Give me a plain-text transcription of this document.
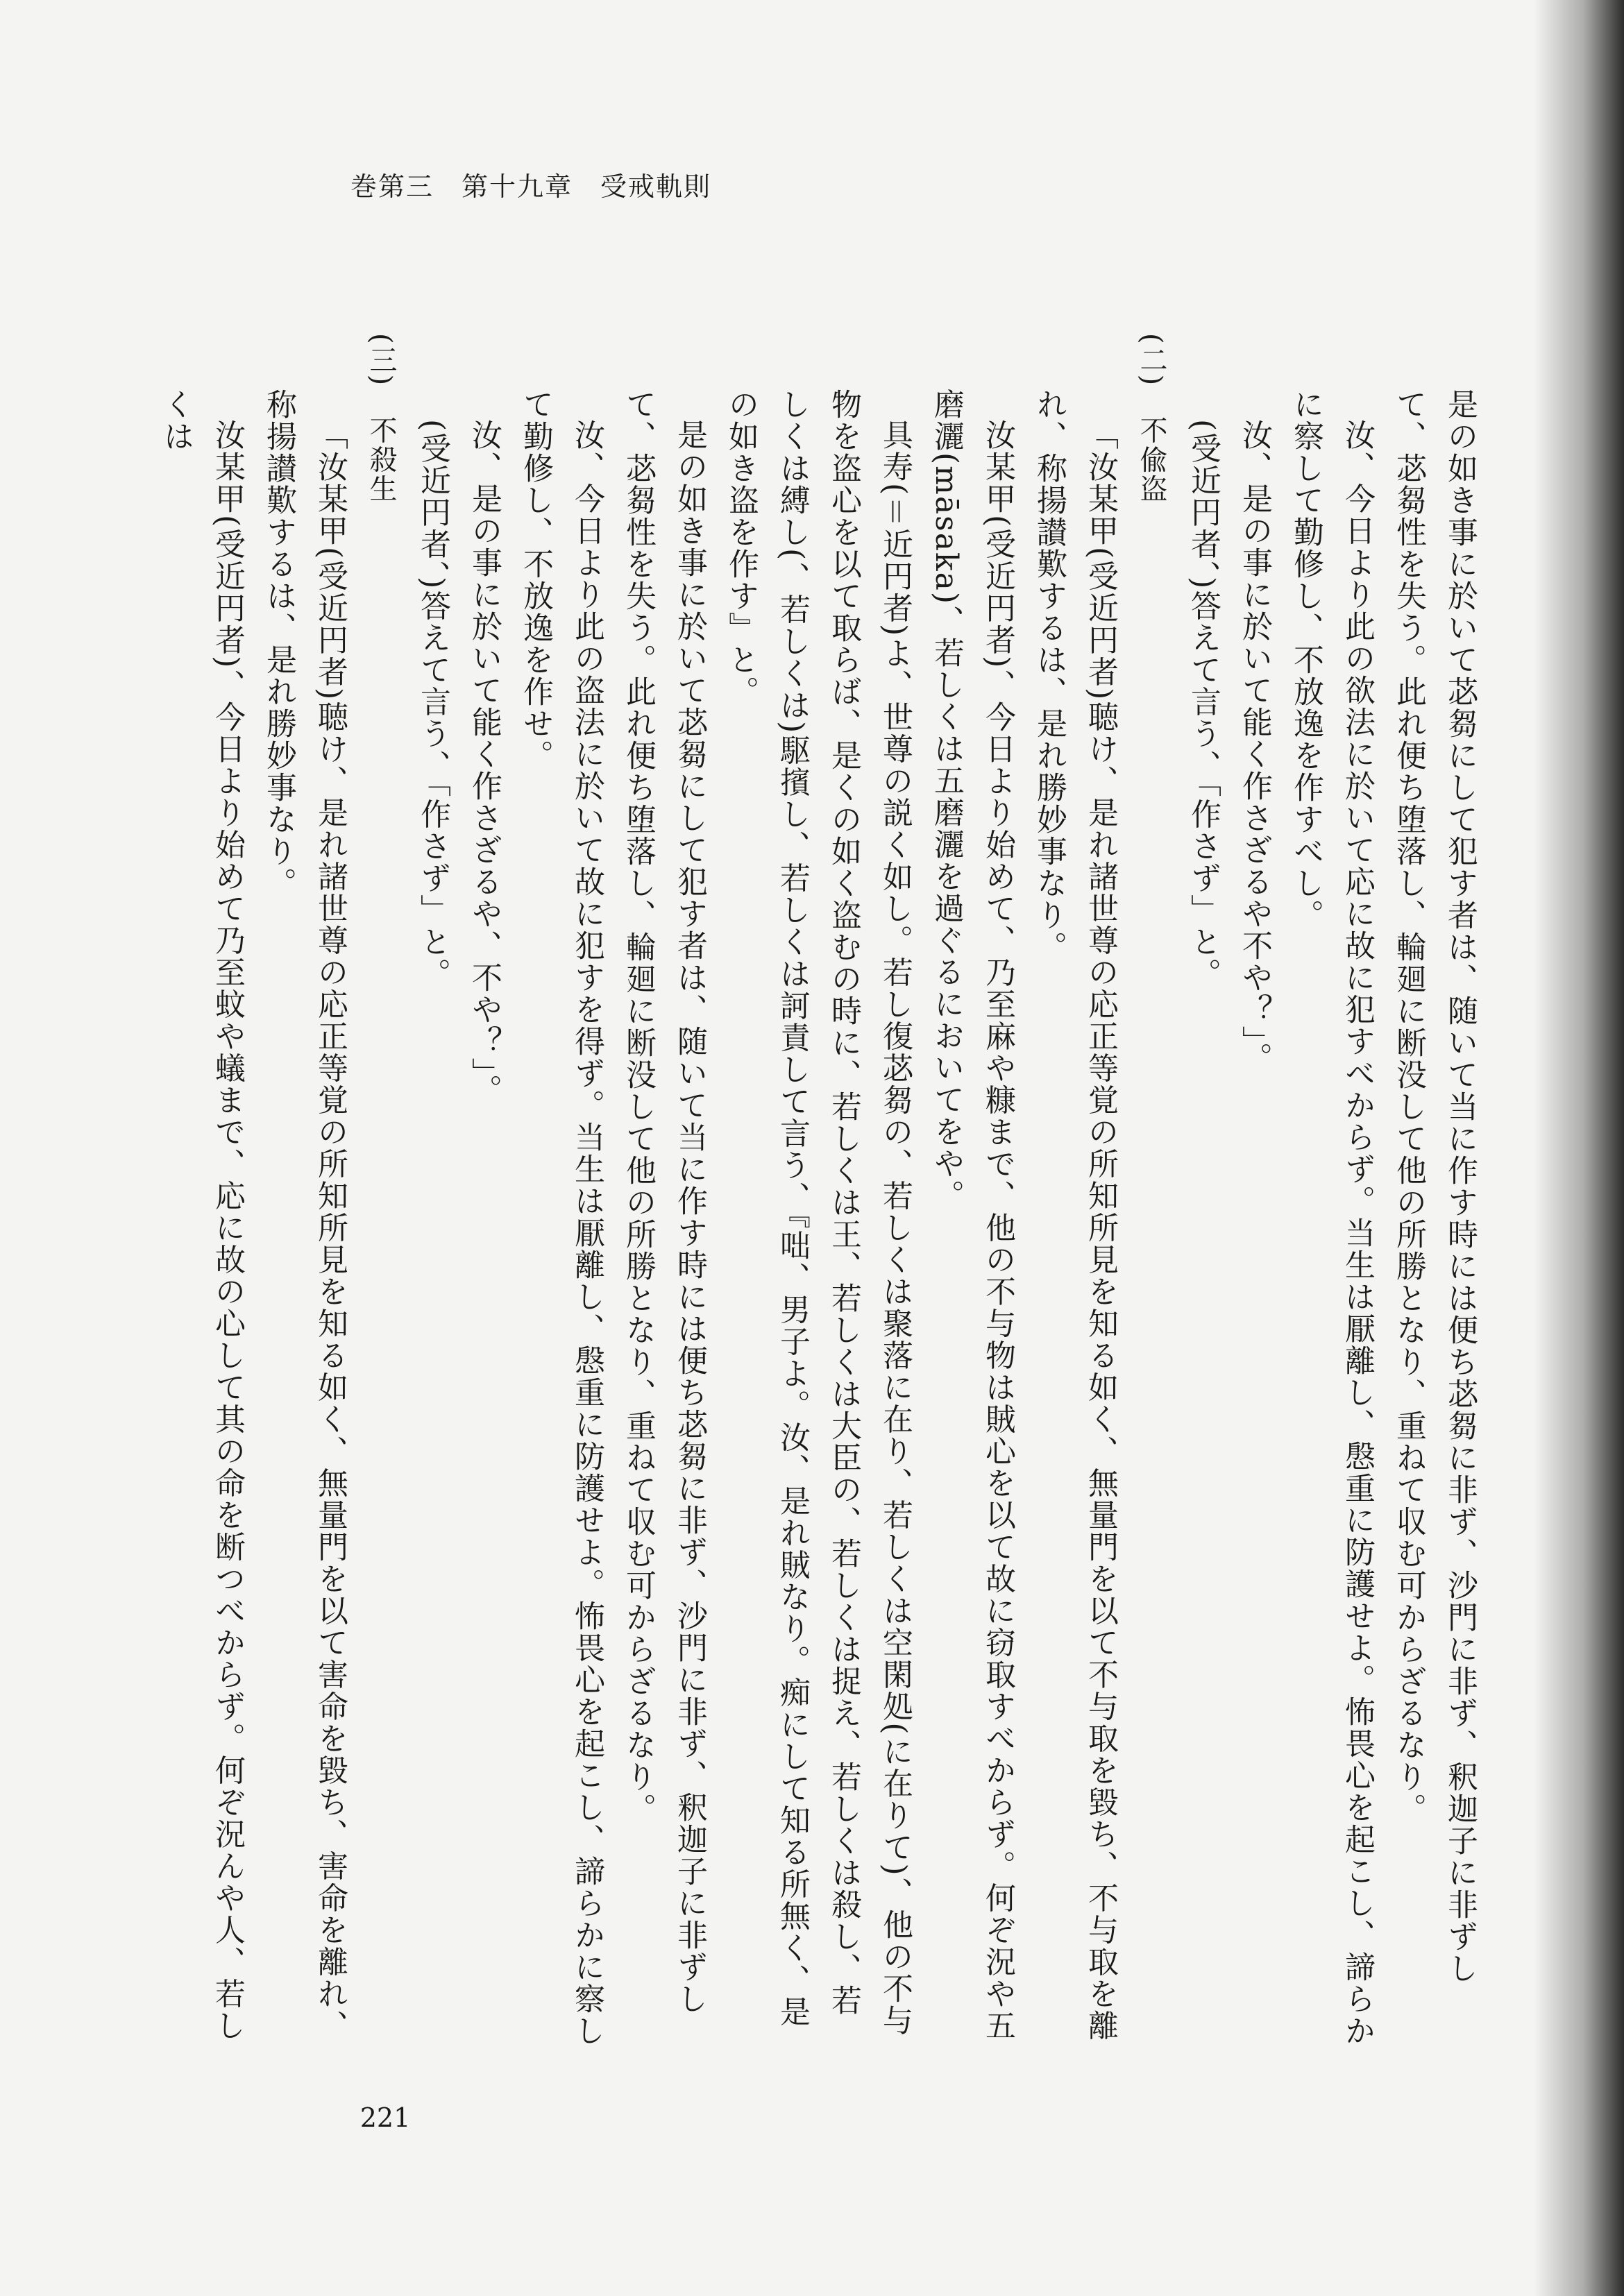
巻第三　第十九章　受戒軌則

是の如き事に於いて苾芻にして犯す者は、随いて当に作す時には便ち苾芻に非ず、沙門に非ず、釈迦子に非ずして、苾芻性を失う。此れ便ち堕落し、輪廻に断没して他の所勝となり、重ねて収む可からざるなり。

汝、今日より此の欲法に於いて応に故に犯すべからず。当生は厭離し、慇重に防護せよ。怖畏心を起こし、諦らかに察して勤修し、不放逸を作すべし。

汝、是の事に於いて能く作さざるや不や？」。

(受近円者、)答えて言う、「作さず」と。

(二)　不偸盗

「汝某甲(受近円者)聴け、是れ諸世尊の応正等覚の所知所見を知る如く、無量門を以て不与取を毀ち、不与取を離れ、称揚讃歎するは、是れ勝妙事なり。

汝某甲(受近円者)、今日より始めて、乃至麻や糠まで、他の不与物は賊心を以て故に窃取すべからず。何ぞ況や五磨灑(māsaka)、若しくは五磨灑を過ぐるにおいてをや。

具寿(＝近円者)よ、世尊の説く如し。若し復苾芻の、若しくは聚落に在り、若しくは空閑処(に在りて)、他の不与物を盗心を以て取らば、是くの如く盗むの時に、若しくは王、若しくは大臣の、若しくは捉え、若しくは殺し、若しくは縛し(、若しくは)駆擯し、若しくは訶責して言う、『咄、男子よ。汝、是れ賊なり。痴にして知る所無く、是の如き盗を作す』と。

是の如き事に於いて苾芻にして犯す者は、随いて当に作す時には便ち苾芻に非ず、沙門に非ず、釈迦子に非ずして、苾芻性を失う。此れ便ち堕落し、輪廻に断没して他の所勝となり、重ねて収む可からざるなり。

汝、今日より此の盗法に於いて故に犯すを得ず。当生は厭離し、慇重に防護せよ。怖畏心を起こし、諦らかに察して勤修し、不放逸を作せ。

汝、是の事に於いて能く作さざるや、不や？」。

(受近円者、)答えて言う、「作さず」と。

(三)　不殺生

「汝某甲(受近円者)聴け、是れ諸世尊の応正等覚の所知所見を知る如く、無量門を以て害命を毀ち、害命を離れ、称揚讃歎するは、是れ勝妙事なり。

汝某甲(受近円者)、今日より始めて乃至蚊や蟻まで、応に故の心して其の命を断つべからず。何ぞ況んや人、若しくは

221
